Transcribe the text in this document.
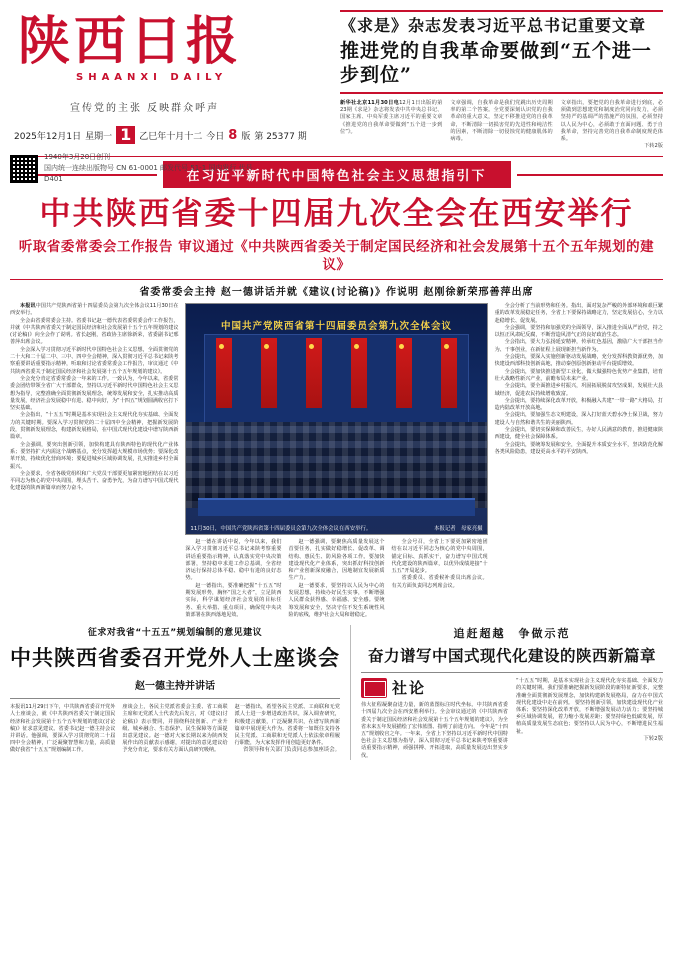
陕西日报
SHAANXI DAILY
宣传党的主张 反映群众呼声
2025年12月1日 星期一 1 乙巳年十月十二 今日 8 版 第 25377 期
1940年3月20日创刊
国内统一连续出版物号 CN 61-0001 邮发代号 51-1 国内发行 代号
D401
《求是》杂志发表习近平总书记重要文章
推进党的自我革命要做到“五个进一步到位”
新华社北京11月30日电12月1日出版的第23期《求是》杂志将发表中共中央总书记、国家主席、中央军委主席习近平的重要文章《推进党的自我革命要做到“五个进一步到位”》。
文章强调，自我革命是我们党跳出历史周期率的第二个答案。全党要深刻认识党的自我革命的重大意义，坚定不移推进党的自我革命，不断清除一切损害党的先进性和纯洁性的因素，不断清除一切侵蚀党的健康肌体的病毒。
文章指出，要把党的自我革命进行到底，必须做到思想建党和制度治党同向发力，必须坚持严的基调严的措施严的氛围，必须坚持以人民为中心，必须敢于直面问题、勇于自我革命，坚持完善党的自我革命制度规范体系。
下转2版
在习近平新时代中国特色社会主义思想指引下
中共陕西省委十四届九次全会在西安举行
听取省委常委会工作报告 审议通过《中共陕西省委关于制定国民经济和社会发展第十五个五年规划的建议》
省委常委会主持 赵一德讲话并就《建议(讨论稿)》作说明 赵刚徐新荣邢善萍出席

本报讯中国共产党陕西省第十四届委员会第九次全体会议11月30日在西安举行。

全会由省委常委会主持。省委书记赵一德代表省委常委会作工作报告，并就《中共陕西省委关于制定国民经济和社会发展第十五个五年规划的建议(讨论稿)》向全会作了说明。省长赵刚，省政协主席徐新荣，省委副书记邢善萍出席会议。

全会深入学习贯彻习近平新时代中国特色社会主义思想，全面贯彻党的二十大和二十届二中、三中、四中全会精神，深入贯彻习近平总书记来陕考察重要讲话重要指示精神，听取和讨论省委常委会工作报告，审议通过《中共陕西省委关于制定国民经济和社会发展第十五个五年规划的建议》。

全会充分肯定省委常委会一年来的工作。一致认为，今年以来，省委常委会团结带领全省广大干部群众，坚持以习近平新时代中国特色社会主义思想为指导，完整准确全面贯彻新发展理念，统筹发展和安全，扎实推动高质量发展，经济社会发展稳中有进、稳中向好，为“十四五”规划圆满收官打下坚实基础。

全会指出，“十五五”时期是基本实现社会主义现代化夯实基础、全面发力的关键时期。要深入学习贯彻党的二十届四中全会精神，把握新发展阶段，贯彻新发展理念，构建新发展格局，在中国式现代化建设中谱写陕西新篇章。

全会强调，要突出创新引领，加快构建具有陕西特色的现代化产业体系；要坚持扩大内需这个战略基点，充分发挥超大规模市场优势；要深化改革开放，持续优化营商环境；要促进城乡区域协调发展，扎实推进乡村全面振兴。

全会要求，全省各级党组织和广大党员干部要更加紧密地团结在以习近平同志为核心的党中央周围，埋头苦干、奋勇争先，为奋力谱写中国式现代化建设的陕西新篇章而努力奋斗。

中国共产党陕西省第十四届委员会第九次全体会议
11月30日，中国共产党陕西省第十四届委员会第九次全体会议在西安举行。	本报记者　母家亮摄

赵一德在讲话中说，今年以来，我们深入学习贯彻习近平总书记来陕考察重要讲话重要指示精神，认真落实党中央决策部署，坚持稳中求进工作总基调，全省经济运行保持总体平稳、稳中有进的良好态势。

赵一德指出，要准确把握“十五五”时期发展形势，胸怀“国之大者”，立足陕西实际，科学谋划经济社会发展的目标任务、重大举措、重点项目，确保党中央决策部署在陕西落地见效。

赵一德强调，要聚焦高质量发展这个首要任务，扎实做好稳增长、促改革、调结构、惠民生、防风险各项工作。要加快建设现代化产业体系，突出抓好科技创新和产业创新深度融合，因地制宜发展新质生产力。

赵一德要求，要坚持以人民为中心的发展思想，持续办好民生实事，不断增强人民群众获得感、幸福感、安全感。要统筹发展和安全，坚决守住不发生系统性风险的底线，维护社会大局和谐稳定。

全会号召，全省上下要更加紧密地团结在以习近平同志为核心的党中央周围，锚定目标、真抓实干，奋力谱写中国式现代化建设的陕西篇章，以优异成绩迎接“十五五”开局起步。

省委委员、省委候补委员出席会议。有关方面负责同志列席会议。

全会分析了当前形势和任务。指出，面对复杂严峻的外部环境和艰巨繁重的改革发展稳定任务，全省上下要保持战略定力，坚定发展信心，全力以赴稳增长、促发展。

全会强调，要坚持和加强党的全面领导，深入推进全面从严治党，持之以恒正风肃纪反腐，不断营造风清气正的良好政治生态。

全会指出，要大力弘扬延安精神，传承红色基因，激励广大干部担当作为、干事创业，在新征程上展现新担当新作为。

全会提出，要深入实施创新驱动发展战略，充分发挥科教资源优势，加快建设西部科技创新高地，推动秦创原创新驱动平台提质增效。

全会提出，要加快推进新型工业化，做大做强特色优势产业集群，培育壮大战略性新兴产业，前瞻布局未来产业。

全会提出，要全面推进乡村振兴，巩固拓展脱贫攻坚成果，发展壮大县域经济，促进农民持续增收致富。

全会提出，要持续深化改革开放，积极融入共建“一带一路”大格局，打造内陆改革开放高地。

全会提出，要加强生态文明建设，深入打好蓝天碧水净土保卫战，努力建设人与自然和谐共生的美丽陕西。

全会提出，要切实保障和改善民生，办好人民满意的教育，推进健康陕西建设，健全社会保障体系。

全会提出，要统筹发展和安全，全面提升本质安全水平，坚决防范化解各类风险隐患，建设更高水平的平安陕西。

征求对我省“十五五”规划编制的意见建议
中共陕西省委召开党外人士座谈会
赵一德主持并讲话
本报讯11月29日下午，中共陕西省委召开党外人士座谈会，就《中共陕西省委关于制定国民经济和社会发展第十五个五年规划的建议(讨论稿)》征求意见建议。省委书记赵一德主持会议并讲话。他强调，要深入学习贯彻党的二十届四中全会精神，广泛凝聚智慧和力量，高质量做好我省“十五五”规划编制工作。
座谈会上，各民主党派省委会主委、省工商联主席和无党派人士代表先后发言，对《建议(讨论稿)》表示赞同，并围绕科技创新、产业升级、城乡融合、生态保护、民生保障等方面提出意见建议。赵一德对大家长期以来为陕西发展作出的贡献表示感谢，对提出的意见建议给予充分肯定，要求有关方面认真研究吸纳。
赵一德指出，希望各民主党派、工商联和无党派人士进一步增进政治共识，深入调查研究，积极建言献策，广泛凝聚共识，在谱写陕西新篇章中展现更大作为。省委将一如既往支持各民主党派、工商联和无党派人士依法依章程履行职能，为大家发挥作用创造更好条件。
省领导和有关部门负责同志参加座谈会。
追赶超越　争做示范
奋力谱写中国式现代化建设的陕西新篇章
社论
伟大征程凝聚奋进力量，新的蓝图标注时代坐标。中共陕西省委十四届九次全会在西安胜利举行。全会审议通过的《中共陕西省委关于制定国民经济和社会发展第十五个五年规划的建议》，为全省未来五年发展描绘了宏伟蓝图、指明了前进方向。 今年是“十四五”规划收官之年。一年来，全省上下坚持以习近平新时代中国特色社会主义思想为指导，深入贯彻习近平总书记来陕考察重要讲话重要指示精神，顽强拼搏、开拓进取，高质量发展迈出坚实步伐。
“十五五”时期，是基本实现社会主义现代化夯实基础、全面发力的关键时期。我们要准确把握新发展阶段的新特征新要求，完整准确全面贯彻新发展理念，加快构建新发展格局，奋力在中国式现代化建设中走在前列。 要坚持创新引领，加快建设现代化产业体系；要坚持深化改革开放，不断增强发展动力活力；要坚持城乡区域协调发展，着力缩小发展差距；要坚持绿色低碳发展，厚植高质量发展生态底色；要坚持以人民为中心，不断增进民生福祉。
下转2版
